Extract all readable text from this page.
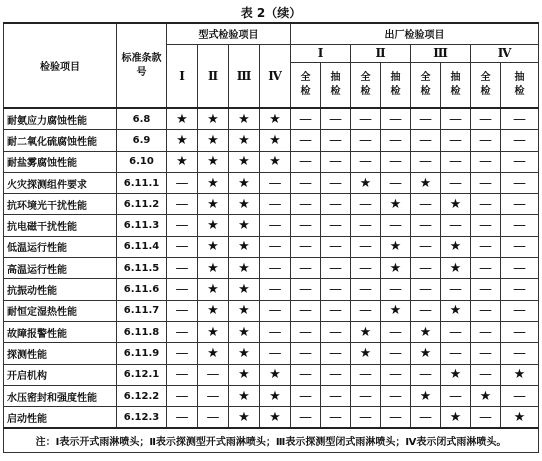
表 2（续）
检验项目	标准条款号	型式检验项目				出厂检验项目							
		Ⅰ	Ⅱ	Ⅲ	Ⅳ	Ⅰ		Ⅱ		Ⅲ		Ⅳ	
						全检	抽检	全检	抽检	全检	抽检	全检	抽检
耐氨应力腐蚀性能	6.8	★	★	★	★	—	—	—	—	—	—	—	—
耐二氧化硫腐蚀性能	6.9	★	★	★	★	—	—	—	—	—	—	—	—
耐盐雾腐蚀性能	6.10	★	★	★	★	—	—	—	—	—	—	—	—
火灾探测组件要求	6.11.1	—	★	★	—	—	—	★	—	★	—	—	—
抗环境光干扰性能	6.11.2	—	★	★	—	—	—	—	★	—	★	—	—
抗电磁干扰性能	6.11.3	—	★	★	—	—	—	—	—	—	—	—	—
低温运行性能	6.11.4	—	★	★	—	—	—	—	★	—	★	—	—
高温运行性能	6.11.5	—	★	★	—	—	—	—	★	—	★	—	—
抗振动性能	6.11.6	—	★	★	—	—	—	—	—	—	—	—	—
耐恒定湿热性能	6.11.7	—	★	★	—	—	—	—	★	—	★	—	—
故障报警性能	6.11.8	—	★	★	—	—	—	★	—	★	—	—	—
探测性能	6.11.9	—	★	★	—	—	—	★	—	★	—	—	—
开启机构	6.12.1	—	—	★	★	—	—	—	—	—	★	—	★
水压密封和强度性能	6.12.2	—	—	★	★	—	—	—	—	★	—	★	—
启动性能	6.12.3	—	—	★	★	—	—	—	—	—	★	—	★
注：Ⅰ表示开式雨淋喷头；Ⅱ表示探测型开式雨淋喷头；Ⅲ表示探测型闭式雨淋喷头；Ⅳ表示闭式雨淋喷头。													
